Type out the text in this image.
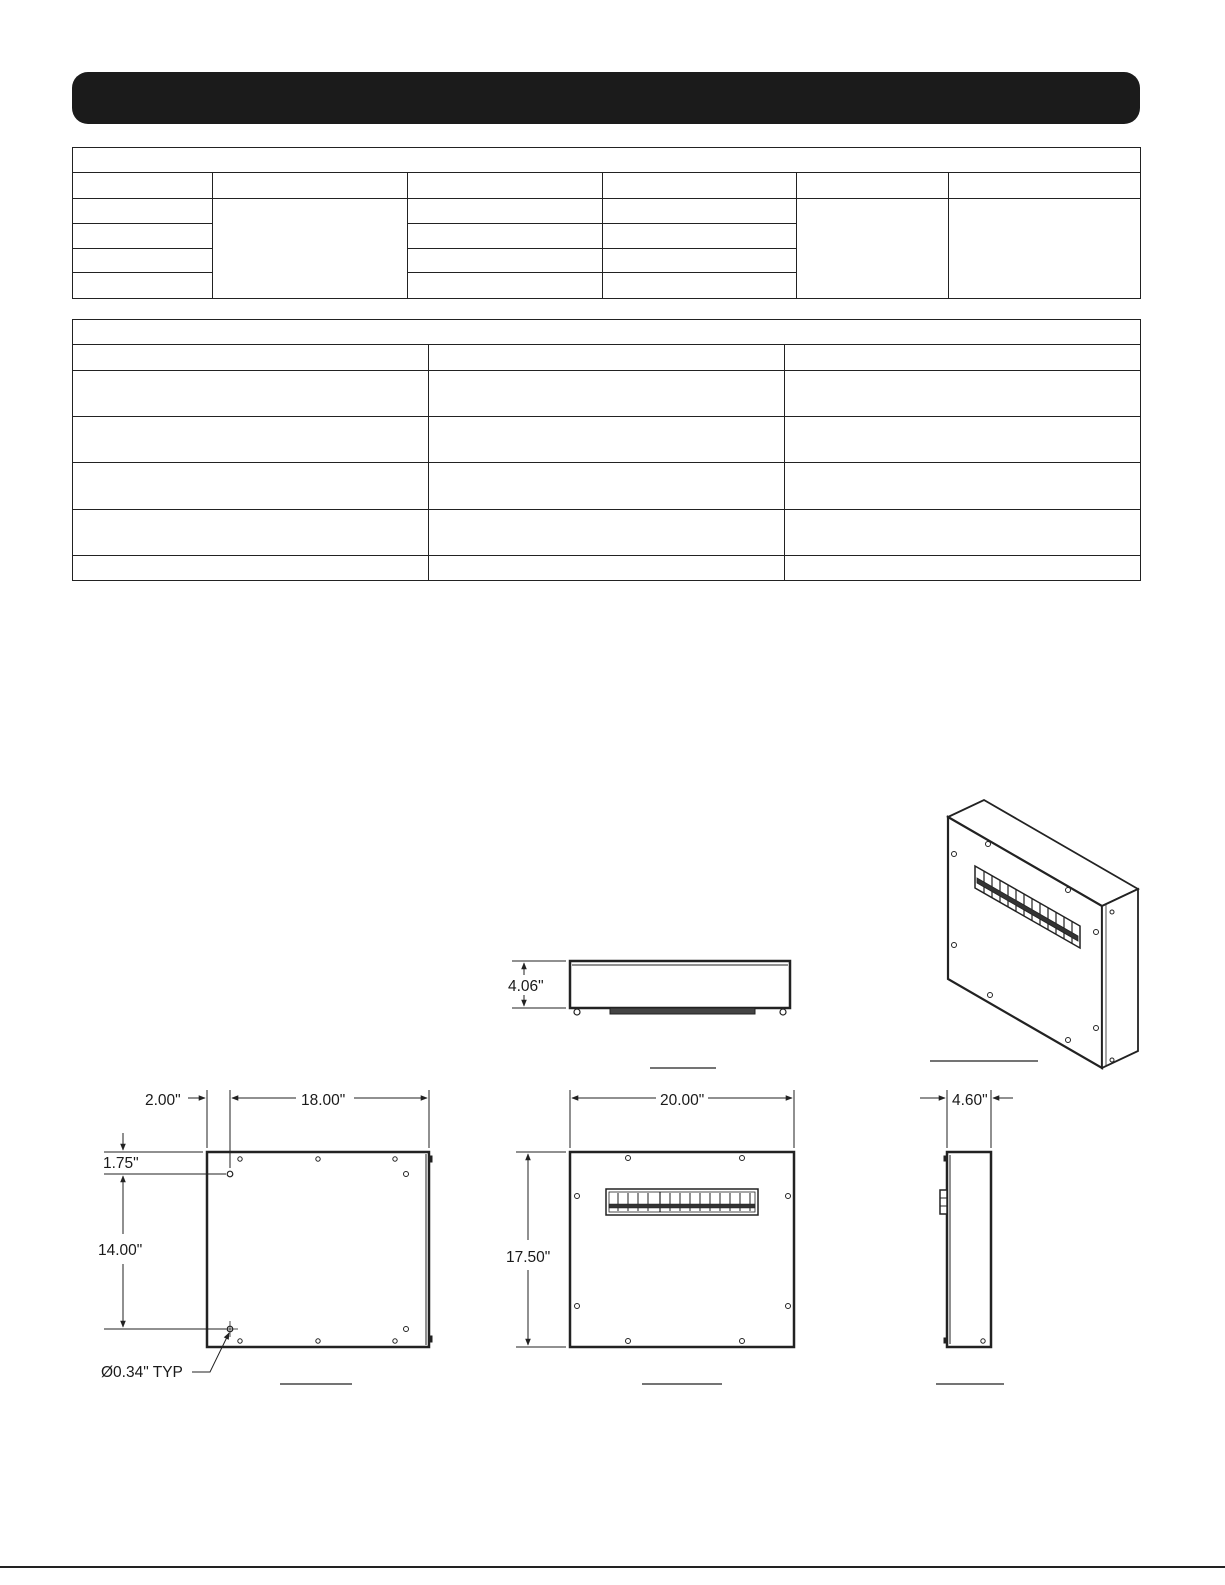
4.06"
2.00"	18.00"
1.75"
14.00"
Ø0.34" TYP
20.00"
17.50"
4.60"
